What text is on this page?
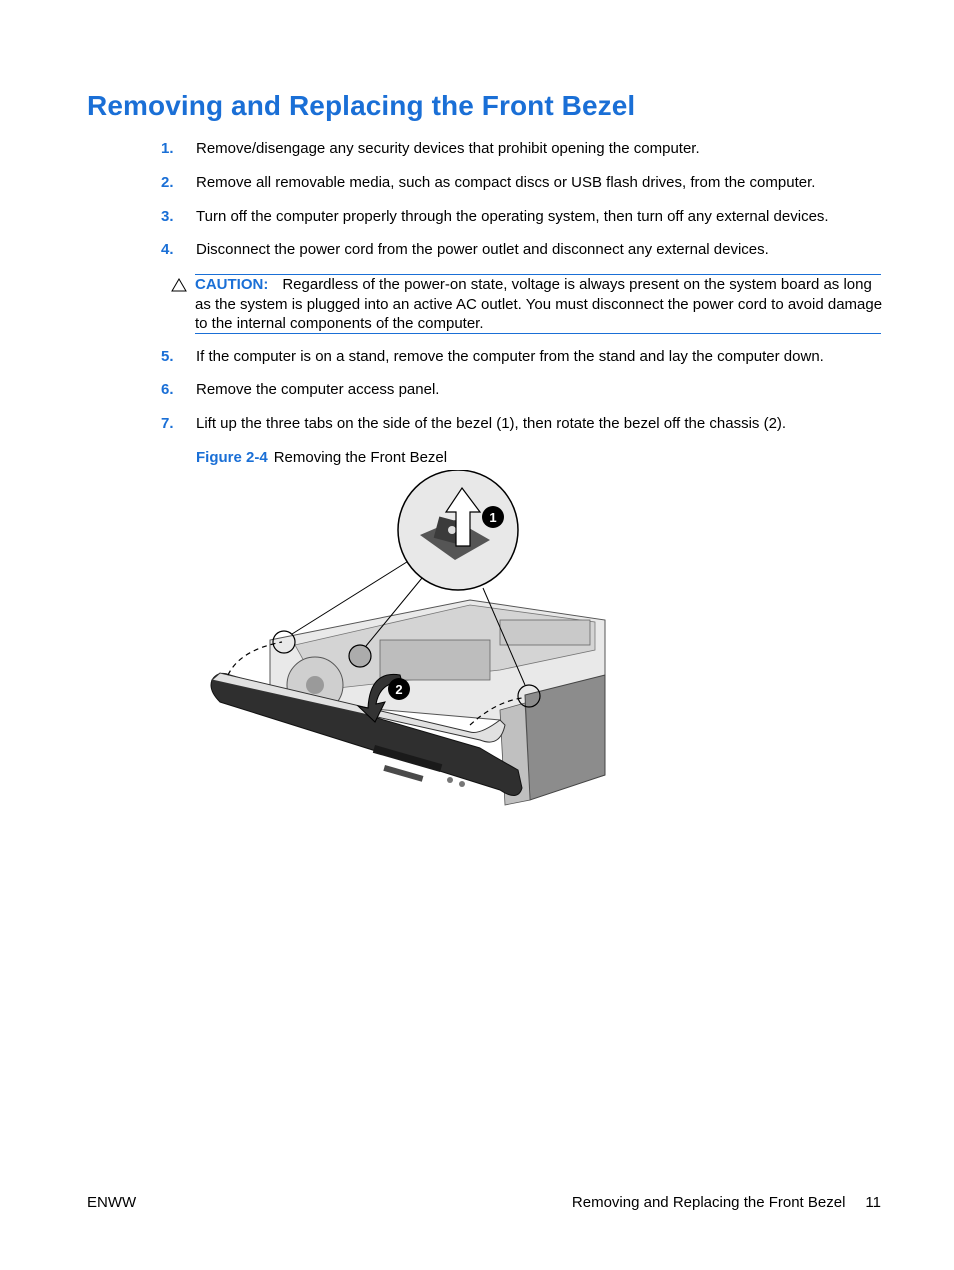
Removing and Replacing the Front Bezel
1. Remove/disengage any security devices that prohibit opening the computer.
2. Remove all removable media, such as compact discs or USB flash drives, from the computer.
3. Turn off the computer properly through the operating system, then turn off any external devices.
4. Disconnect the power cord from the power outlet and disconnect any external devices.
CAUTION: Regardless of the power-on state, voltage is always present on the system board as long as the system is plugged into an active AC outlet. You must disconnect the power cord to avoid damage to the internal components of the computer.
5. If the computer is on a stand, remove the computer from the stand and lay the computer down.
6. Remove the computer access panel.
7. Lift up the three tabs on the side of the bezel (1), then rotate the bezel off the chassis (2).
Figure 2-4 Removing the Front Bezel
1
2
ENWW	Removing and Replacing the Front Bezel 11
